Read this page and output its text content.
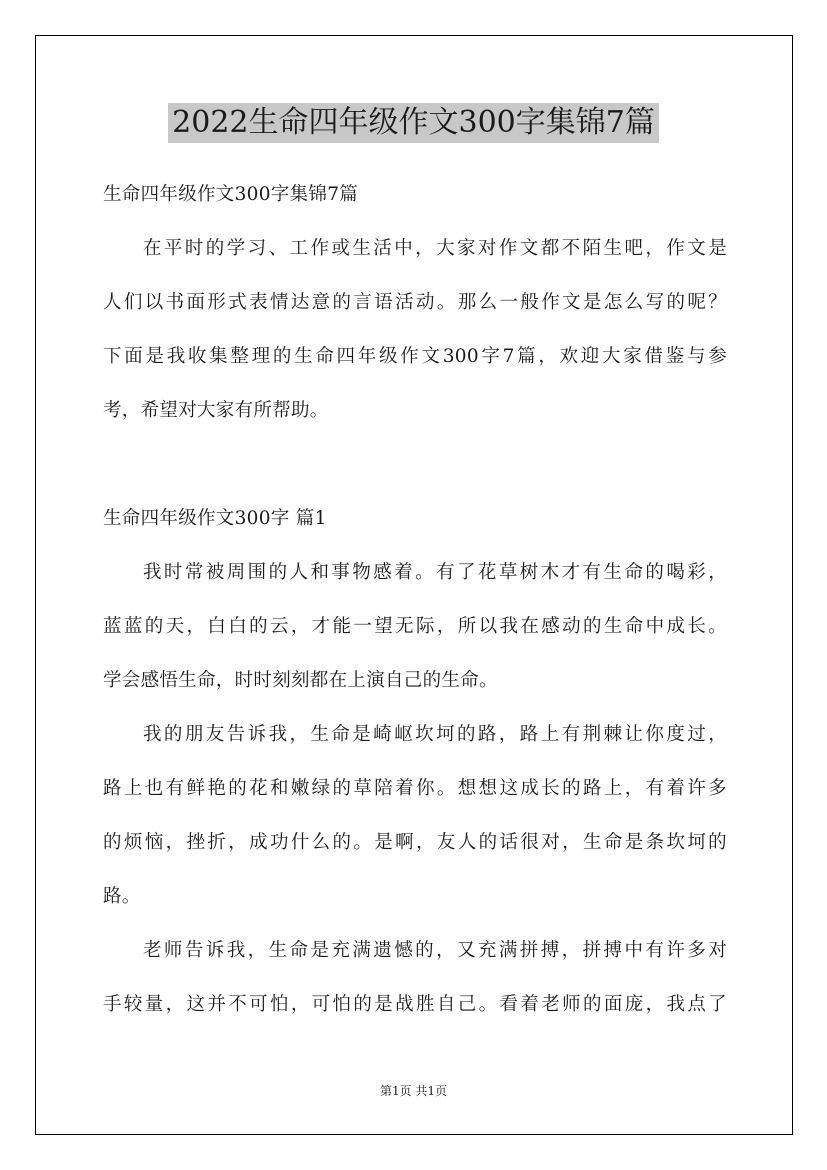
2022生命四年级作文300字集锦7篇
生命四年级作文300字集锦7篇
在平时的学习、工作或生活中，大家对作文都不陌生吧，作文是
人们以书面形式表情达意的言语活动。那么一般作文是怎么写的呢？
下面是我收集整理的生命四年级作文300字7篇，欢迎大家借鉴与参
考，希望对大家有所帮助。
生命四年级作文300字 篇1
我时常被周围的人和事物感着。有了花草树木才有生命的喝彩，
蓝蓝的天，白白的云，才能一望无际，所以我在感动的生命中成长。
学会感悟生命，时时刻刻都在上演自己的生命。
我的朋友告诉我，生命是崎岖坎坷的路，路上有荆棘让你度过，
路上也有鲜艳的花和嫩绿的草陪着你。想想这成长的路上，有着许多
的烦恼，挫折，成功什么的。是啊，友人的话很对，生命是条坎坷的
路。
老师告诉我，生命是充满遗憾的，又充满拼搏，拼搏中有许多对
手较量，这并不可怕，可怕的是战胜自己。看着老师的面庞，我点了
第1页 共1页
